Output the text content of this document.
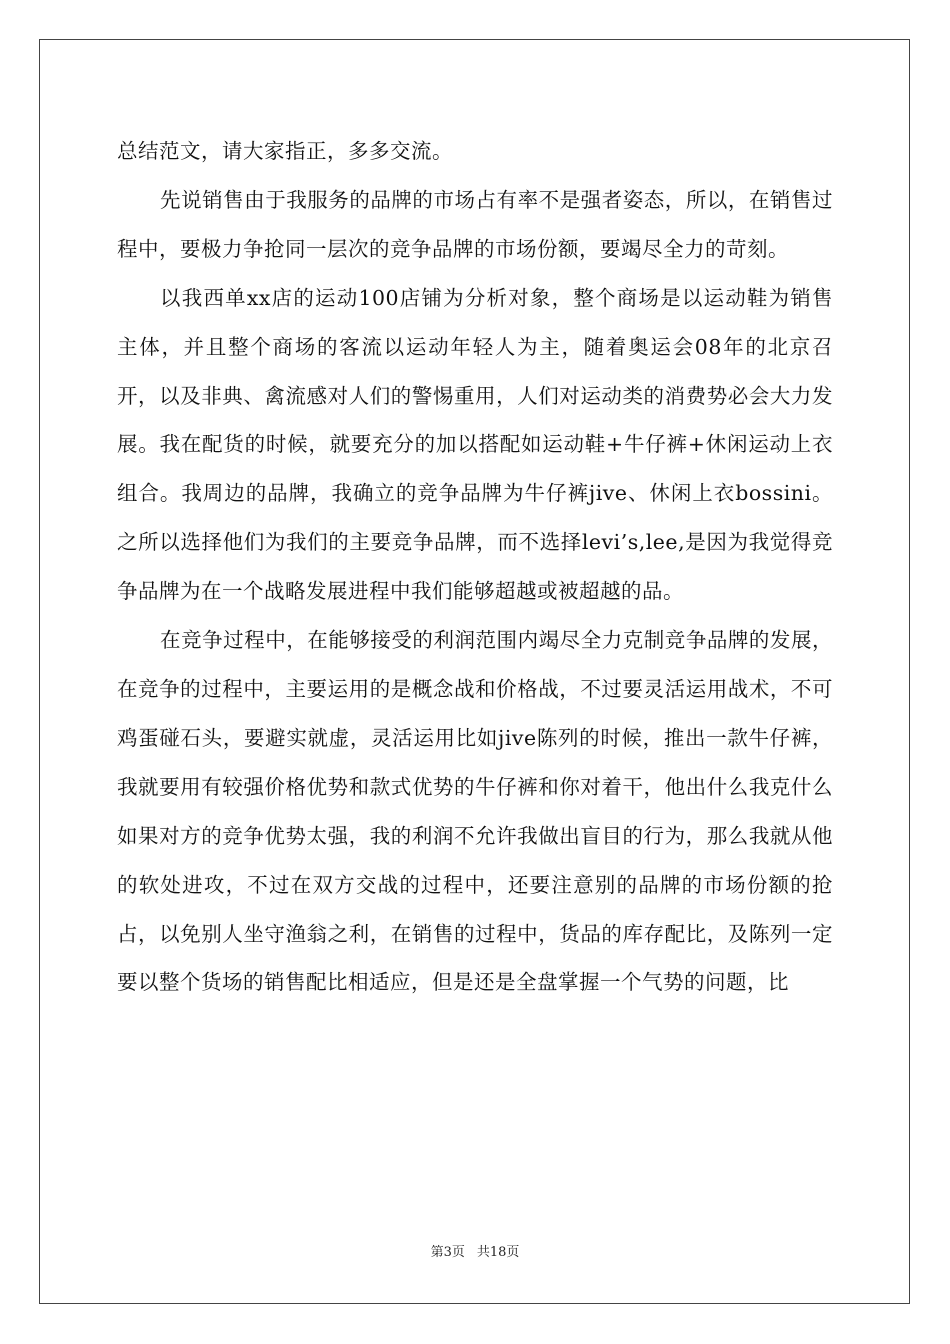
总结范文，请大家指正，多多交流。

先说销售由于我服务的品牌的市场占有率不是强者姿态，所以，在销售过程中，要极力争抢同一层次的竞争品牌的市场份额，要竭尽全力的苛刻。

以我西单xx店的运动100店铺为分析对象，整个商场是以运动鞋为销售主体，并且整个商场的客流以运动年轻人为主，随着奥运会08年的北京召开，以及非典、禽流感对人们的警惕重用，人们对运动类的消费势必会大力发展。我在配货的时候，就要充分的加以搭配如运动鞋+牛仔裤+休闲运动上衣组合。我周边的品牌，我确立的竞争品牌为牛仔裤jive、休闲上衣bossini。之所以选择他们为我们的主要竞争品牌，而不选择levi’s,lee,是因为我觉得竞争品牌为在一个战略发展进程中我们能够超越或被超越的品。

在竞争过程中，在能够接受的利润范围内竭尽全力克制竞争品牌的发展，在竞争的过程中，主要运用的是概念战和价格战，不过要灵活运用战术，不可鸡蛋碰石头，要避实就虚，灵活运用比如jive陈列的时候，推出一款牛仔裤，我就要用有较强价格优势和款式优势的牛仔裤和你对着干，他出什么我克什么如果对方的竞争优势太强，我的利润不允许我做出盲目的行为，那么我就从他的软处进攻，不过在双方交战的过程中，还要注意别的品牌的市场份额的抢占，以免别人坐守渔翁之利，在销售的过程中，货品的库存配比，及陈列一定要以整个货场的销售配比相适应，但是还是全盘掌握一个气势的问题，比

第3页 共18页
